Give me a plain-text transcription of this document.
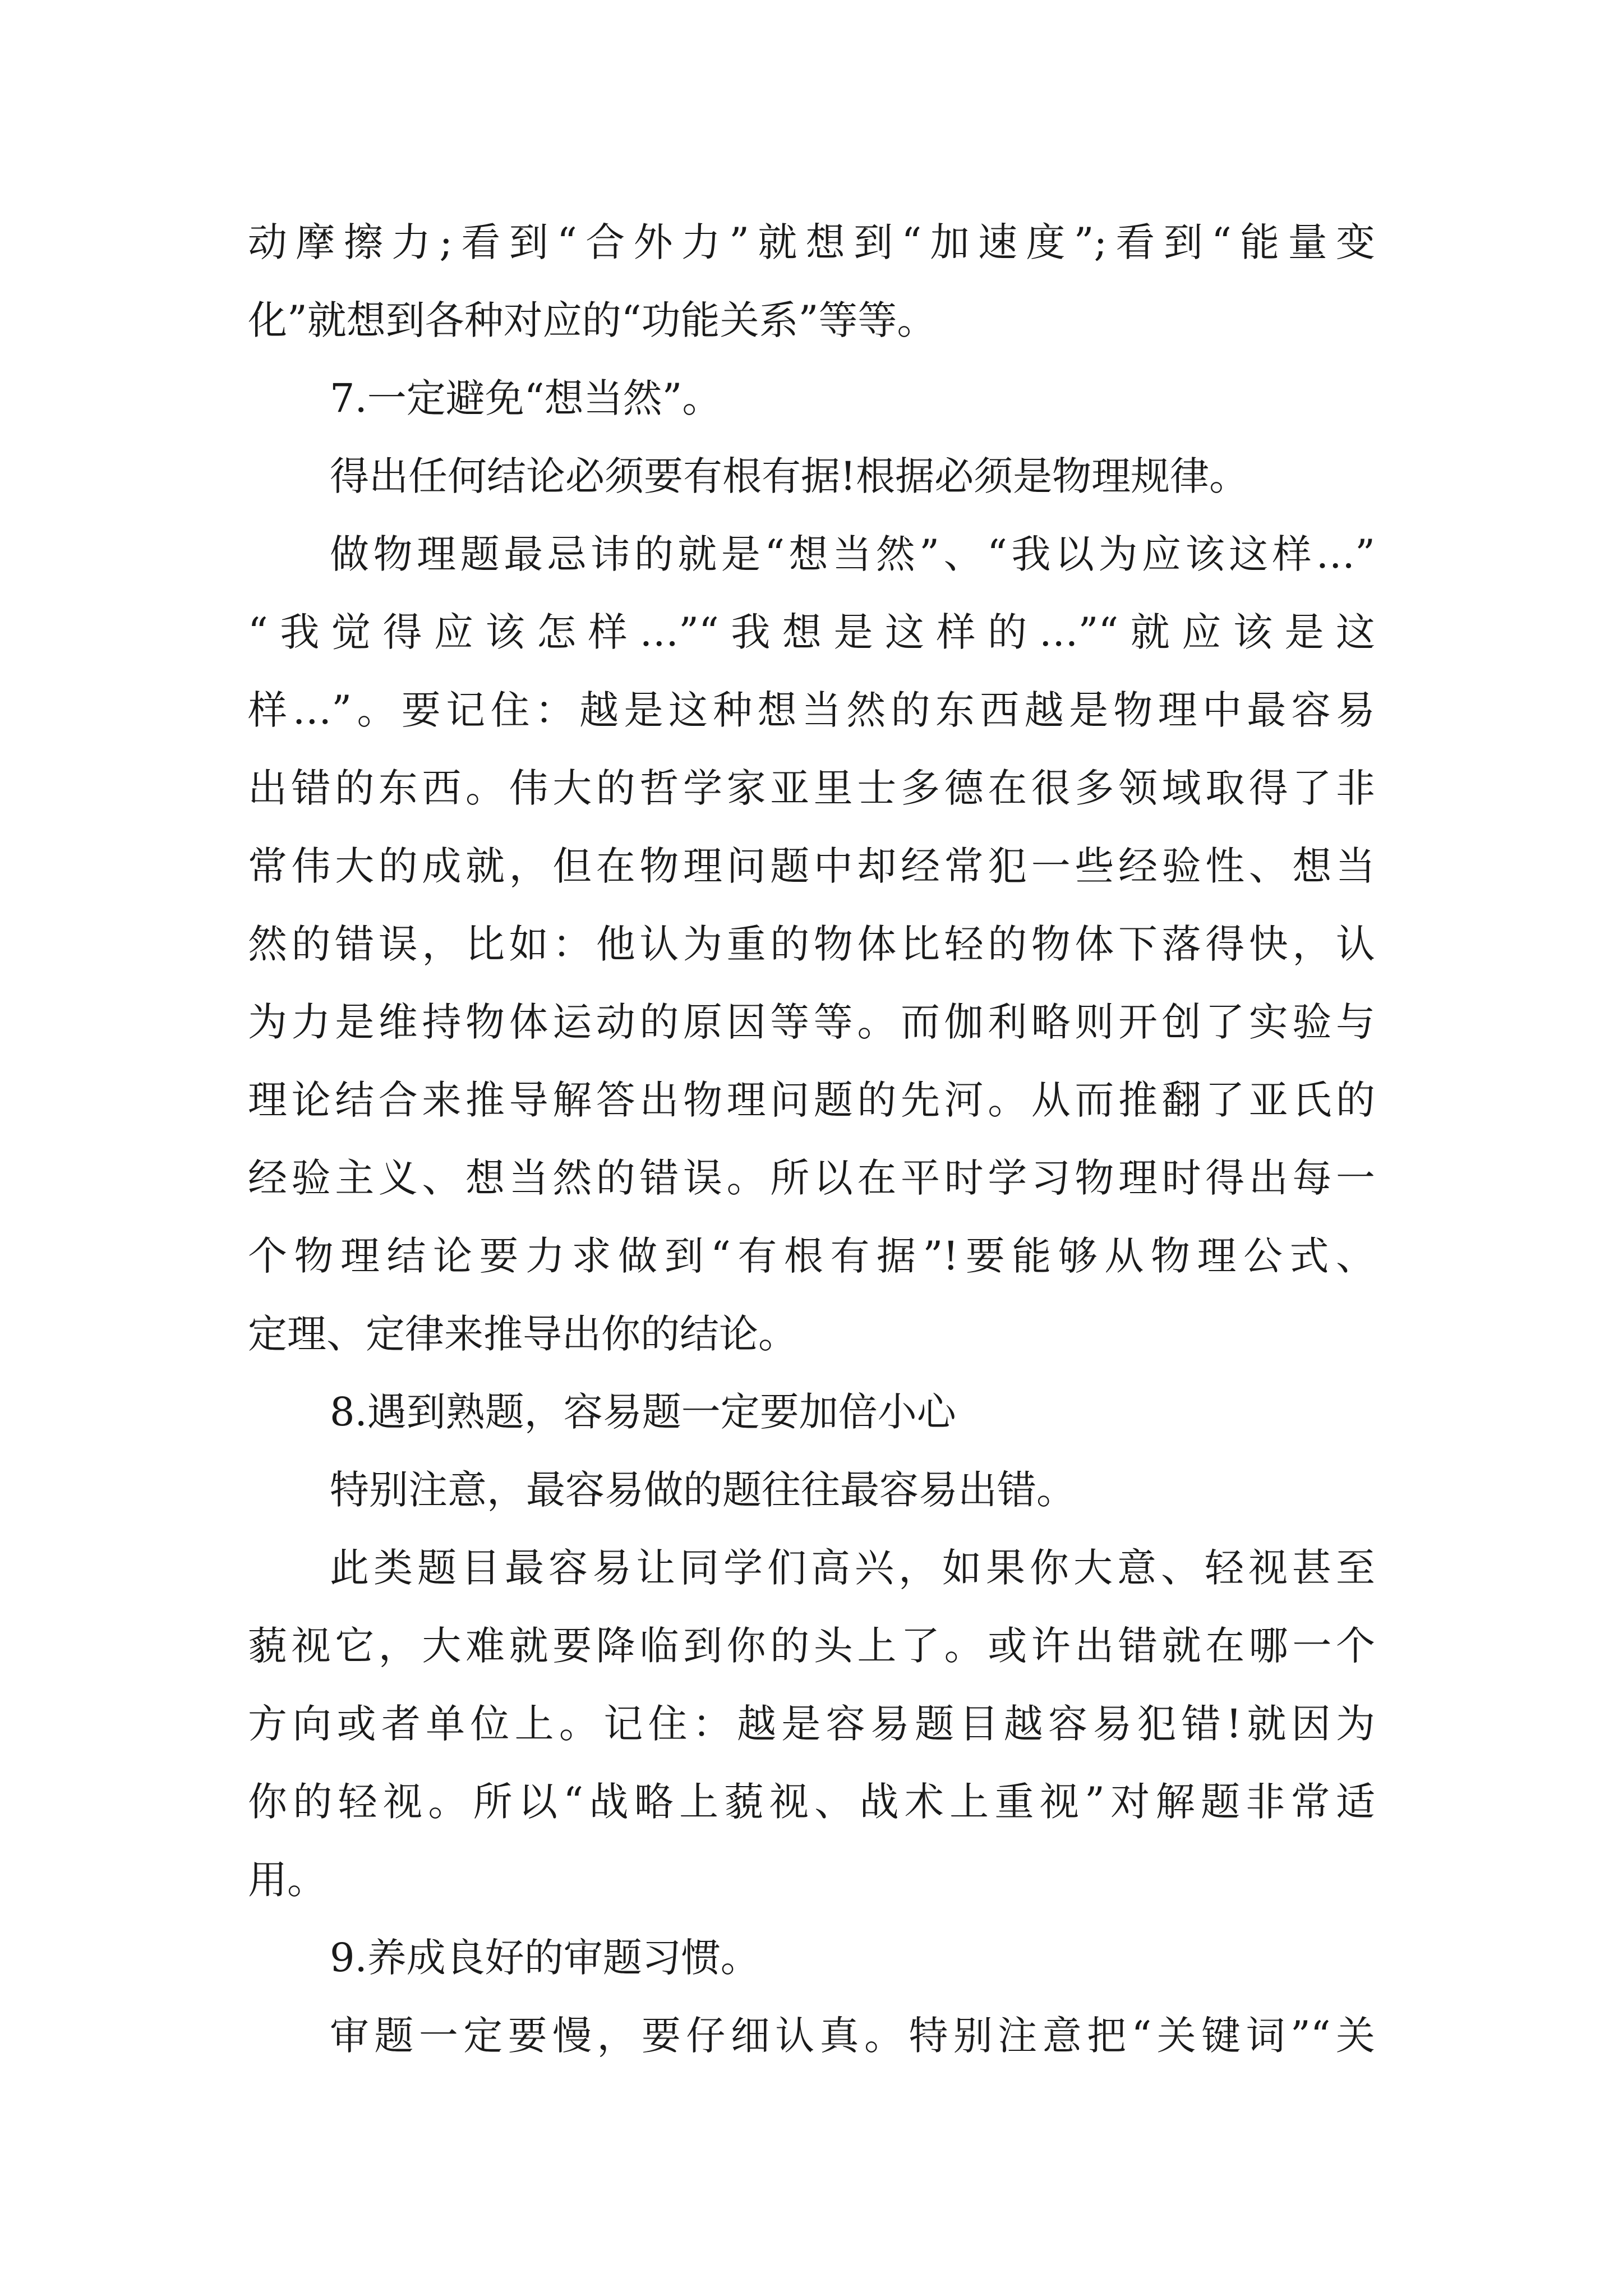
动摩擦力;看到“合外力”就想到“加速度”;看到“能量变
化”就想到各种对应的“功能关系”等等。
7.一定避免“想当然”。
得出任何结论必须要有根有据!根据必须是物理规律。
做物理题最忌讳的就是“想当然”、“我以为应该这样…”
“我觉得应该怎样…”“我想是这样的…”“就应该是这
样…”。要记住：越是这种想当然的东西越是物理中最容易
出错的东西。伟大的哲学家亚里士多德在很多领域取得了非
常伟大的成就，但在物理问题中却经常犯一些经验性、想当
然的错误，比如：他认为重的物体比轻的物体下落得快，认
为力是维持物体运动的原因等等。而伽利略则开创了实验与
理论结合来推导解答出物理问题的先河。从而推翻了亚氏的
经验主义、想当然的错误。所以在平时学习物理时得出每一
个物理结论要力求做到“有根有据”!要能够从物理公式、
定理、定律来推导出你的结论。
8.遇到熟题，容易题一定要加倍小心
特别注意，最容易做的题往往最容易出错。
此类题目最容易让同学们高兴，如果你大意、轻视甚至
藐视它，大难就要降临到你的头上了。或许出错就在哪一个
方向或者单位上。记住：越是容易题目越容易犯错!就因为
你的轻视。所以“战略上藐视、战术上重视”对解题非常适
用。
9.养成良好的审题习惯。
审题一定要慢，要仔细认真。特别注意把“关键词”“关
